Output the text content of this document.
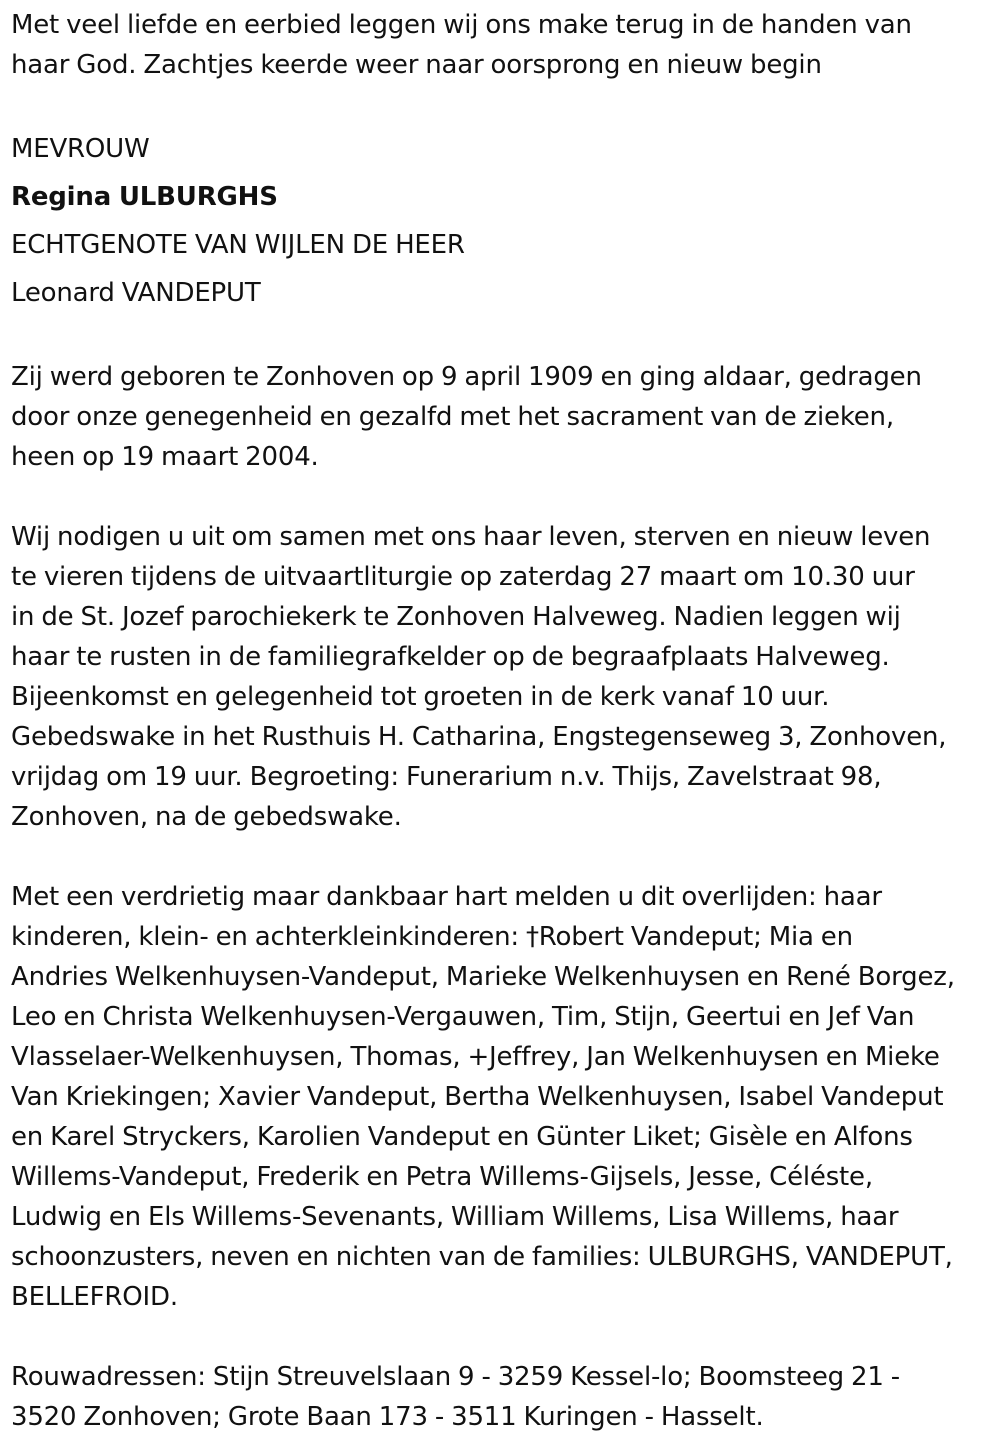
Met veel liefde en eerbied leggen wij ons make terug in de handen van
haar God. Zachtjes keerde weer naar oorsprong en nieuw begin
MEVROUW
Regina ULBURGHS
ECHTGENOTE VAN WIJLEN DE HEER
Leonard VANDEPUT
Zij werd geboren te Zonhoven op 9 april 1909 en ging aldaar, gedragen
door onze genegenheid en gezalfd met het sacrament van de zieken,
heen op 19 maart 2004.
Wij nodigen u uit om samen met ons haar leven, sterven en nieuw leven
te vieren tijdens de uitvaartliturgie op zaterdag 27 maart om 10.30 uur
in de St. Jozef parochiekerk te Zonhoven Halveweg. Nadien leggen wij
haar te rusten in de familiegrafkelder op de begraafplaats Halveweg.
Bijeenkomst en gelegenheid tot groeten in de kerk vanaf 10 uur.
Gebedswake in het Rusthuis H. Catharina, Engstegenseweg 3, Zonhoven,
vrijdag om 19 uur. Begroeting: Funerarium n.v. Thijs, Zavelstraat 98,
Zonhoven, na de gebedswake.
Met een verdrietig maar dankbaar hart melden u dit overlijden: haar
kinderen, klein- en achterkleinkinderen: †Robert Vandeput; Mia en
Andries Welkenhuysen-Vandeput, Marieke Welkenhuysen en René Borgez,
Leo en Christa Welkenhuysen-Vergauwen, Tim, Stijn, Geertui en Jef Van
Vlasselaer-Welkenhuysen, Thomas, +Jeffrey, Jan Welkenhuysen en Mieke
Van Kriekingen; Xavier Vandeput, Bertha Welkenhuysen, Isabel Vandeput
en Karel Stryckers, Karolien Vandeput en Günter Liket; Gisèle en Alfons
Willems-Vandeput, Frederik en Petra Willems-Gijsels, Jesse, Céléste,
Ludwig en Els Willems-Sevenants, William Willems, Lisa Willems, haar
schoonzusters, neven en nichten van de families: ULBURGHS, VANDEPUT,
BELLEFROID.
Rouwadressen: Stijn Streuvelslaan 9 - 3259 Kessel-lo; Boomsteeg 21 -
3520 Zonhoven; Grote Baan 173 - 3511 Kuringen - Hasselt.
